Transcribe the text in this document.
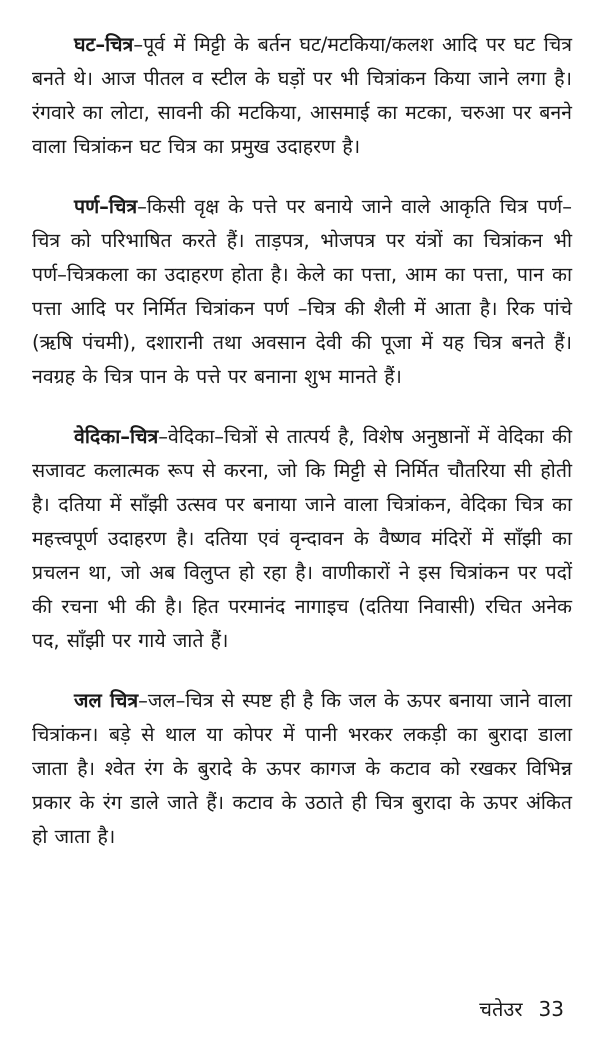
घट–चित्र–पूर्व में मिट्टी के बर्तन घट/मटकिया/कलश आदि पर घट चित्र बनते थे। आज पीतल व स्टील के घड़ों पर भी चित्रांकन किया जाने लगा है। रंगवारे का लोटा, सावनी की मटकिया, आसमाई का मटका, चरुआ पर बनने वाला चित्रांकन घट चित्र का प्रमुख उदाहरण है।

पर्ण–चित्र–किसी वृक्ष के पत्ते पर बनाये जाने वाले आकृति चित्र पर्ण–चित्र को परिभाषित करते हैं। ताड़पत्र, भोजपत्र पर यंत्रों का चित्रांकन भी पर्ण–चित्रकला का उदाहरण होता है। केले का पत्ता, आम का पत्ता, पान का पत्ता आदि पर निर्मित चित्रांकन पर्ण –चित्र की शैली में आता है। रिक पांचे (ऋषि पंचमी), दशारानी तथा अवसान देवी की पूजा में यह चित्र बनते हैं। नवग्रह के चित्र पान के पत्ते पर बनाना शुभ मानते हैं।

वेदिका–चित्र–वेदिका–चित्रों से तात्पर्य है, विशेष अनुष्ठानों में वेदिका की सजावट कलात्मक रूप से करना, जो कि मिट्टी से निर्मित चौतरिया सी होती है। दतिया में साँझी उत्सव पर बनाया जाने वाला चित्रांकन, वेदिका चित्र का महत्त्वपूर्ण उदाहरण है। दतिया एवं वृन्दावन के वैष्णव मंदिरों में साँझी का प्रचलन था, जो अब विलुप्त हो रहा है। वाणीकारों ने इस चित्रांकन पर पदों की रचना भी की है। हित परमानंद नागाइच (दतिया निवासी) रचित अनेक पद, साँझी पर गाये जाते हैं।

जल चित्र–जल–चित्र से स्पष्ट ही है कि जल के ऊपर बनाया जाने वाला चित्रांकन। बड़े से थाल या कोपर में पानी भरकर लकड़ी का बुरादा डाला जाता है। श्वेत रंग के बुरादे के ऊपर कागज के कटाव को रखकर विभिन्न प्रकार के रंग डाले जाते हैं। कटाव के उठाते ही चित्र बुरादा के ऊपर अंकित हो जाता है।

चतेउर 33
